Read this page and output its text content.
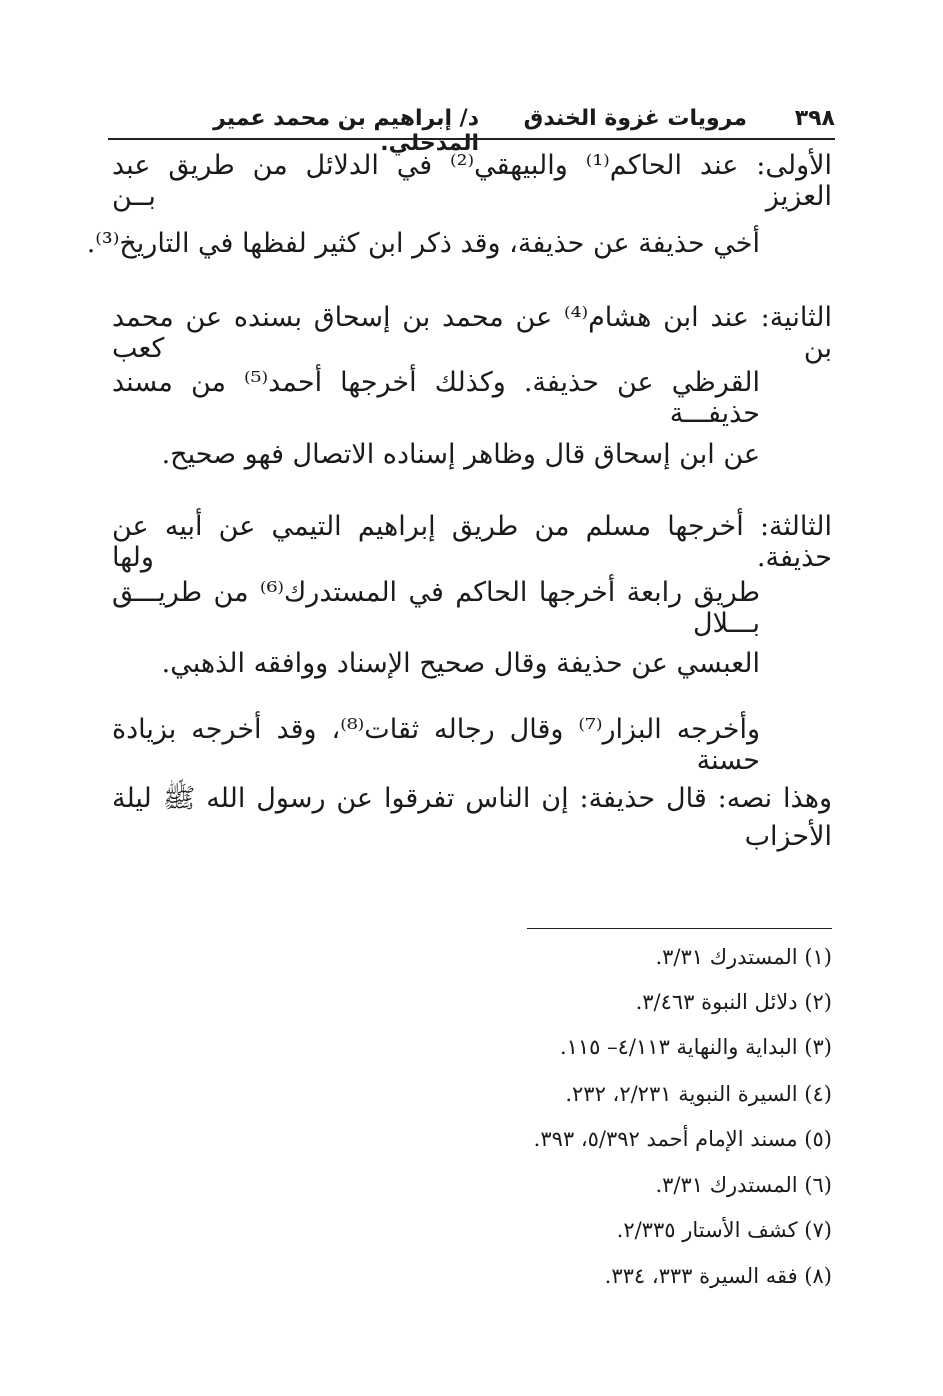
٣٩٨
مرويات غزوة الخندق
د/ إبراهيم بن محمد عمير المدخلي.
الأولى: عند الحاكم⁽¹⁾ والبيهقي⁽²⁾ في الدلائل من طريق عبد العزيز بــن
أخي حذيفة عن حذيفة، وقد ذكر ابن كثير لفظها في التاريخ⁽³⁾.
الثانية: عند ابن هشام⁽⁴⁾ عن محمد بن إسحاق بسنده عن محمد بن كعب
القرظي عن حذيفة. وكذلك أخرجها أحمد⁽⁵⁾ من مسند حذيفـــة
عن ابن إسحاق قال وظاهر إسناده الاتصال فهو صحيح.
الثالثة: أخرجها مسلم من طريق إبراهيم التيمي عن أبيه عن حذيفة. ولها
طريق رابعة أخرجها الحاكم في المستدرك⁽⁶⁾ من طريـــق بـــلال
العبسي عن حذيفة وقال صحيح الإسناد ووافقه الذهبي.
وأخرجه البزار⁽⁷⁾ وقال رجاله ثقات⁽⁸⁾، وقد أخرجه بزيادة حسنة
وهذا نصه: قال حذيفة: إن الناس تفرقوا عن رسول الله ﷺ ليلة الأحزاب
(١) المستدرك ٣/٣١.
(٢) دلائل النبوة ٣/٤٦٣.
(٣) البداية والنهاية ٤/١١٣– ١١٥.
(٤) السيرة النبوية ٢/٢٣١، ٢٣٢.
(٥) مسند الإمام أحمد ٥/٣٩٢، ٣٩٣.
(٦) المستدرك ٣/٣١.
(٧) كشف الأستار ٢/٣٣٥.
(٨) فقه السيرة ٣٣٣، ٣٣٤.
